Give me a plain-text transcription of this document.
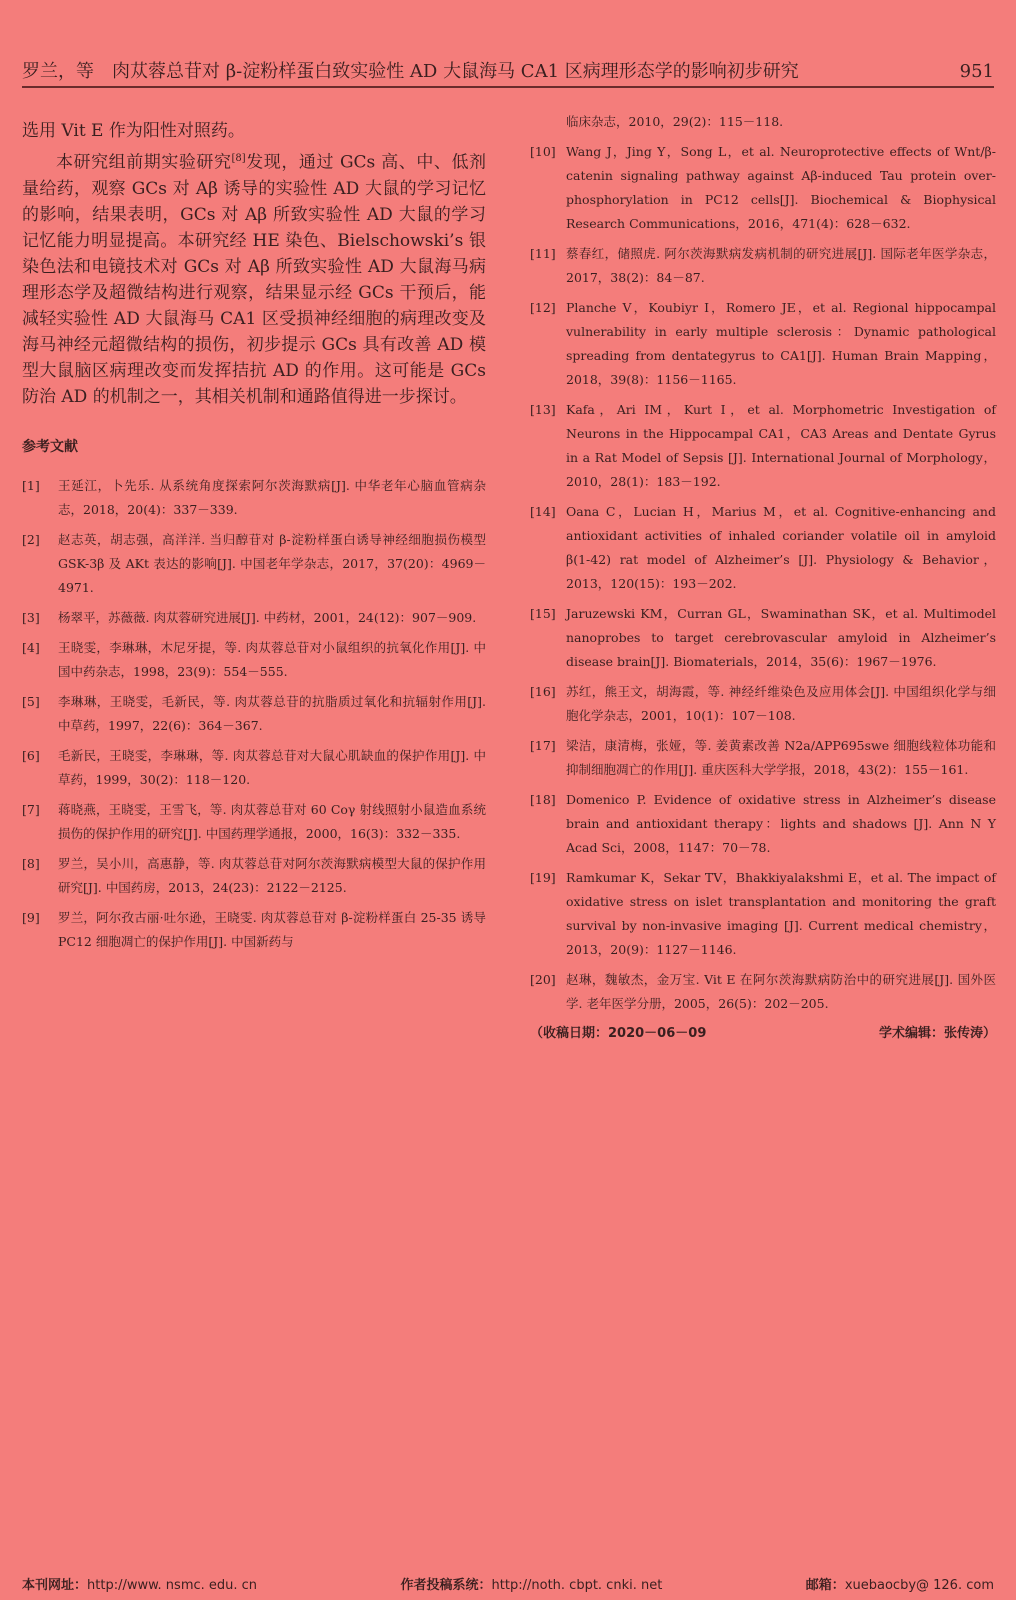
罗兰，等　肉苁蓉总苷对 β-淀粉样蛋白致实验性 AD 大鼠海马 CA1 区病理形态学的影响初步研究	951

选用 Vit E 作为阳性对照药。

本研究组前期实验研究[8]发现，通过 GCs 高、中、低剂量给药，观察 GCs 对 Aβ 诱导的实验性 AD 大鼠的学习记忆的影响，结果表明，GCs 对 Aβ 所致实验性 AD 大鼠的学习记忆能力明显提高。本研究经 HE 染色、Bielschowski’s 银染色法和电镜技术对 GCs 对 Aβ 所致实验性 AD 大鼠海马病理形态学及超微结构进行观察，结果显示经 GCs 干预后，能减轻实验性 AD 大鼠海马 CA1 区受损神经细胞的病理改变及海马神经元超微结构的损伤，初步提示 GCs 具有改善 AD 模型大鼠脑区病理改变而发挥拮抗 AD 的作用。这可能是 GCs 防治 AD 的机制之一，其相关机制和通路值得进一步探讨。

参考文献
[1]	王延江，卜先乐. 从系统角度探索阿尔茨海默病[J]. 中华老年心脑血管病杂志，2018，20(4)：337－339.
[2]	赵志英，胡志强，高洋洋. 当归醇苷对 β-淀粉样蛋白诱导神经细胞损伤模型 GSK-3β 及 AKt 表达的影响[J]. 中国老年学杂志，2017，37(20)：4969－4971.
[3]	杨翠平，苏薇薇. 肉苁蓉研究进展[J]. 中药材，2001，24(12)：907－909.
[4]	王晓雯，李琳琳，木尼牙提，等. 肉苁蓉总苷对小鼠组织的抗氧化作用[J]. 中国中药杂志，1998，23(9)：554－555.
[5]	李琳琳，王晓雯，毛新民，等. 肉苁蓉总苷的抗脂质过氧化和抗辐射作用[J]. 中草药，1997，22(6)：364－367.
[6]	毛新民，王晓雯，李琳琳，等. 肉苁蓉总苷对大鼠心肌缺血的保护作用[J]. 中草药，1999，30(2)：118－120.
[7]	蒋晓燕，王晓雯，王雪飞，等. 肉苁蓉总苷对 60 Coγ 射线照射小鼠造血系统损伤的保护作用的研究[J]. 中国药理学通报，2000，16(3)：332－335.
[8]	罗兰，吴小川，高惠静，等. 肉苁蓉总苷对阿尔茨海默病模型大鼠的保护作用研究[J]. 中国药房，2013，24(23)：2122－2125.
[9]	罗兰，阿尔孜古丽·吐尔逊，王晓雯. 肉苁蓉总苷对 β-淀粉样蛋白 25-35 诱导 PC12 细胞凋亡的保护作用[J]. 中国新药与
临床杂志，2010，29(2)：115－118.
[10] Wang J，Jing Y，Song L，et al. Neuroprotective effects of Wnt/β-catenin signaling pathway against Aβ-induced Tau protein over-phosphorylation in PC12 cells[J]. Biochemical & Biophysical Research Communications，2016，471(4)：628－632.
[11] 蔡春红，储照虎. 阿尔茨海默病发病机制的研究进展[J]. 国际老年医学杂志，2017，38(2)：84－87.
[12] Planche V，Koubiyr I，Romero JE，et al. Regional hippocampal vulnerability in early multiple sclerosis：Dynamic pathological spreading from dentategyrus to CA1[J]. Human Brain Mapping，2018，39(8)：1156－1165.
[13] Kafa，Ari IM，Kurt I，et al. Morphometric Investigation of Neurons in the Hippocampal CA1，CA3 Areas and Dentate Gyrus in a Rat Model of Sepsis [J]. International Journal of Morphology，2010，28(1)：183－192.
[14] Oana C，Lucian H，Marius M，et al. Cognitive-enhancing and antioxidant activities of inhaled coriander volatile oil in amyloid β(1-42) rat model of Alzheimer’s [J]. Physiology & Behavior，2013，120(15)：193－202.
[15] Jaruzewski KM，Curran GL，Swaminathan SK，et al. Multimodel nanoprobes to target cerebrovascular amyloid in Alzheimer’s disease brain[J]. Biomaterials，2014，35(6)：1967－1976.
[16] 苏红，熊王文，胡海霞，等. 神经纤维染色及应用体会[J]. 中国组织化学与细胞化学杂志，2001，10(1)：107－108.
[17] 梁洁，康清梅，张娅，等. 姜黄素改善 N2a/APP695swe 细胞线粒体功能和抑制细胞凋亡的作用[J]. 重庆医科大学学报，2018，43(2)：155－161.
[18] Domenico P. Evidence of oxidative stress in Alzheimer’s disease brain and antioxidant therapy：lights and shadows [J]. Ann N Y Acad Sci，2008，1147：70－78.
[19] Ramkumar K，Sekar TV，Bhakkiyalakshmi E，et al. The impact of oxidative stress on islet transplantation and monitoring the graft survival by non-invasive imaging [J]. Current medical chemistry，2013，20(9)：1127－1146.
[20] 赵琳，魏敏杰，金万宝. Vit E 在阿尔茨海默病防治中的研究进展[J]. 国外医学. 老年医学分册，2005，26(5)：202－205.
（收稿日期：2020－06－09	学术编辑：张传涛）
本刊网址：http://www. nsmc. edu. cn	作者投稿系统：http://noth. cbpt. cnki. net	邮箱：xuebaocby@ 126. com
